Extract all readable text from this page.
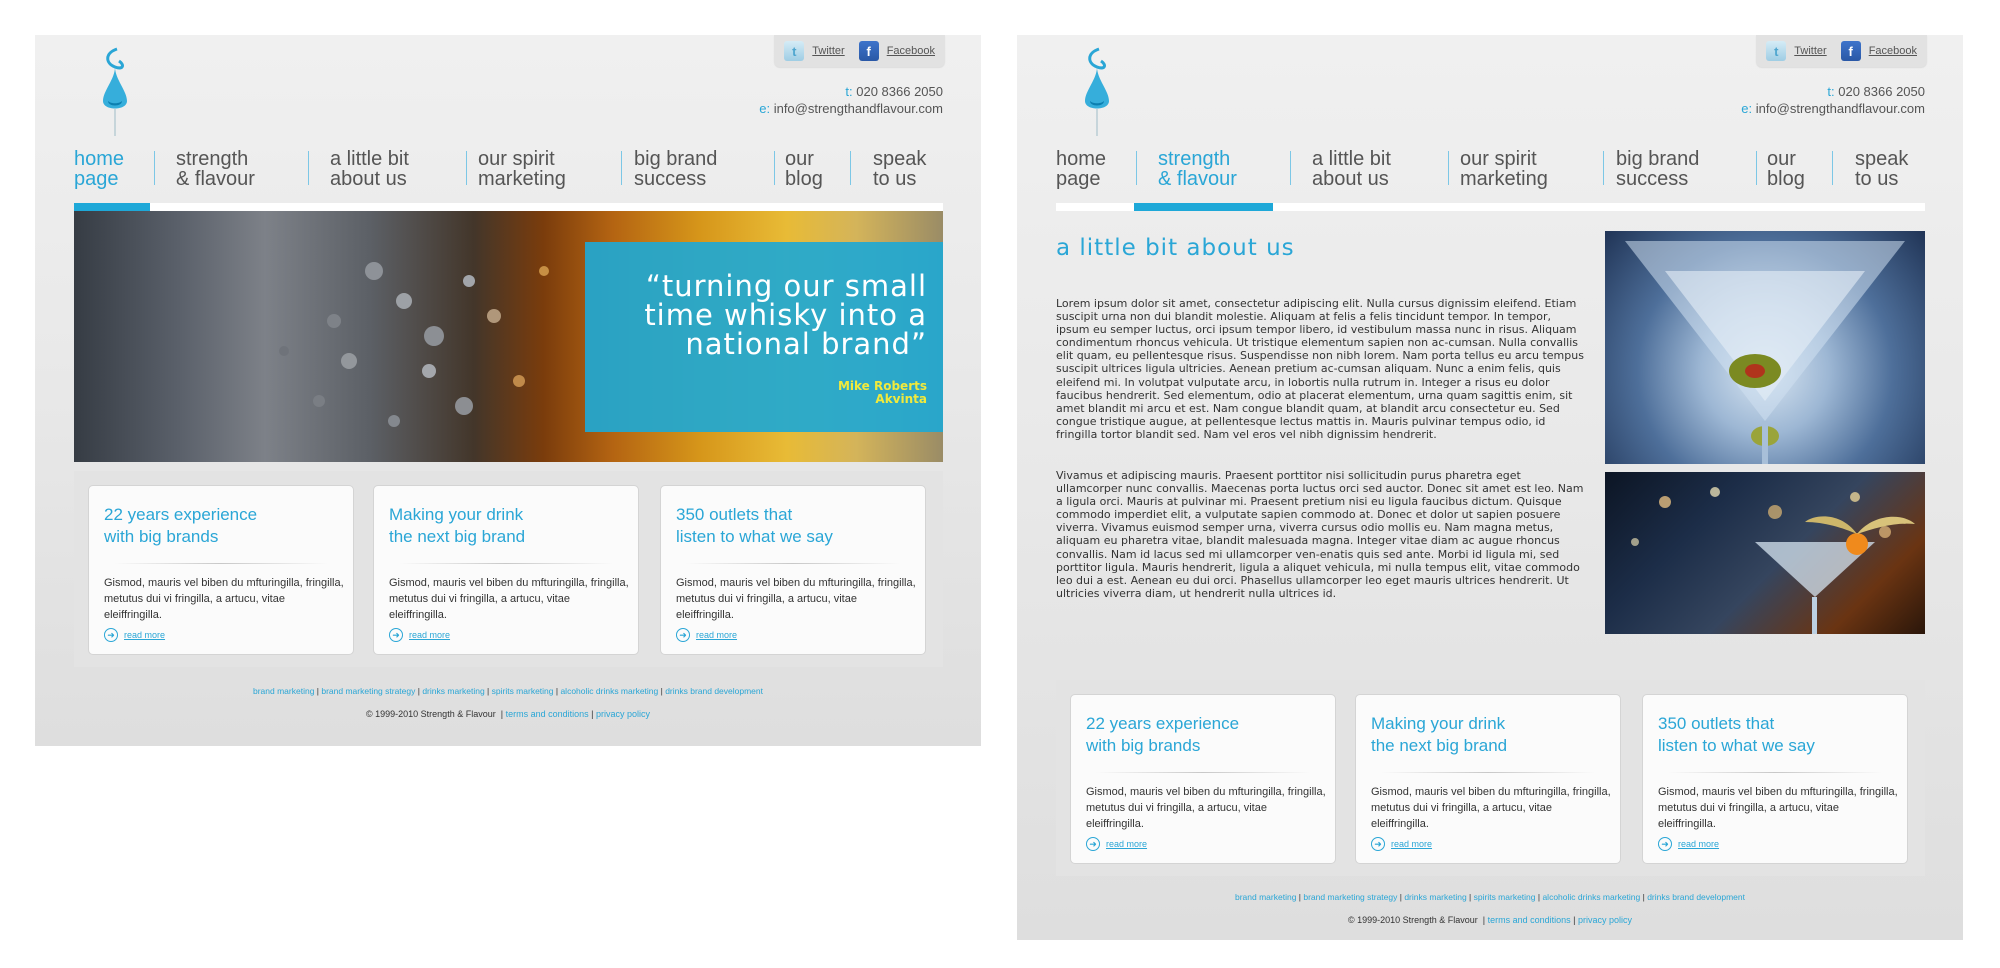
t	Twitter	f	Facebook
t: 020 8366 2050
e: info@strengthandflavour.com
home
page
strength
& flavour
a little bit
about us
our spirit
marketing
big brand
success
our
blog
speak
to us
“turning our small
time whisky into a
national brand”
Mike Roberts
Akvinta
22 years experience
with big brands
Gismod, mauris vel biben du mfturingilla, fringilla, metutus dui vi fringilla, a artucu, vitae eleiffringilla.
➜	read more
Making your drink
the next big brand
Gismod, mauris vel biben du mfturingilla, fringilla, metutus dui vi fringilla, a artucu, vitae eleiffringilla.
➜	read more
350 outlets that
listen to what we say
Gismod, mauris vel biben du mfturingilla, fringilla, metutus dui vi fringilla, a artucu, vitae eleiffringilla.
➜	read more
brand marketing | brand marketing strategy | drinks marketing | spirits marketing | alcoholic drinks marketing | drinks brand development
© 1999-2010 Strength & Flavour  | terms and conditions | privacy policy
t	Twitter	f	Facebook
t: 020 8366 2050
e: info@strengthandflavour.com
home
page
strength
& flavour
a little bit
about us
our spirit
marketing
big brand
success
our
blog
speak
to us
a little bit about us

Lorem ipsum dolor sit amet, consectetur adipiscing elit. Nulla cursus dignissim eleifend. Etiam suscipit urna non dui blandit molestie. Aliquam at felis a felis tincidunt tempor. In tempor, ipsum eu semper luctus, orci ipsum tempor libero, id vestibulum massa nunc in risus. Aliquam condimentum rhoncus vehicula. Ut tristique elementum sapien non ac-cumsan. Nulla convallis elit quam, eu pellentesque risus. Suspendisse non nibh lorem. Nam porta tellus eu arcu tempus suscipit ultrices ligula ultricies. Aenean pretium ac-cumsan aliquam. Nunc a enim felis, quis eleifend mi. In volutpat vulputate arcu, in lobortis nulla rutrum in. Integer a risus eu dolor faucibus hendrerit. Sed elementum, odio at placerat elementum, urna quam sagittis enim, sit amet blandit mi arcu et est. Nam congue blandit quam, at blandit arcu consectetur eu. Sed congue tristique augue, at pellentesque lectus mattis in. Mauris pulvinar tempus odio, id fringilla tortor blandit sed. Nam vel eros vel nibh dignissim hendrerit.

Vivamus et adipiscing mauris. Praesent porttitor nisi sollicitudin purus pharetra eget ullamcorper nunc convallis. Maecenas porta luctus orci sed auctor. Donec sit amet est leo. Nam a ligula orci. Mauris at pulvinar mi. Praesent pretium nisi eu ligula faucibus dictum. Quisque commodo imperdiet elit, a vulputate sapien commodo at. Donec et dolor ut sapien posuere viverra. Vivamus euismod semper urna, viverra cursus odio mollis eu. Nam magna metus, aliquam eu pharetra vitae, blandit malesuada magna. Integer vitae diam ac augue rhoncus convallis. Nam id lacus sed mi ullamcorper ven-enatis quis sed ante. Morbi id ligula mi, sed porttitor ligula. Mauris hendrerit, ligula a aliquet vehicula, mi nulla tempus elit, vitae commodo leo dui a est. Aenean eu dui orci. Phasellus ullamcorper leo eget mauris ultrices hendrerit. Ut ultricies viverra diam, ut hendrerit nulla ultrices id.

22 years experience
with big brands
Gismod, mauris vel biben du mfturingilla, fringilla, metutus dui vi fringilla, a artucu, vitae eleiffringilla.
➜	read more
Making your drink
the next big brand
Gismod, mauris vel biben du mfturingilla, fringilla, metutus dui vi fringilla, a artucu, vitae eleiffringilla.
➜	read more
350 outlets that
listen to what we say
Gismod, mauris vel biben du mfturingilla, fringilla, metutus dui vi fringilla, a artucu, vitae eleiffringilla.
➜	read more
brand marketing | brand marketing strategy | drinks marketing | spirits marketing | alcoholic drinks marketing | drinks brand development
© 1999-2010 Strength & Flavour  | terms and conditions | privacy policy
